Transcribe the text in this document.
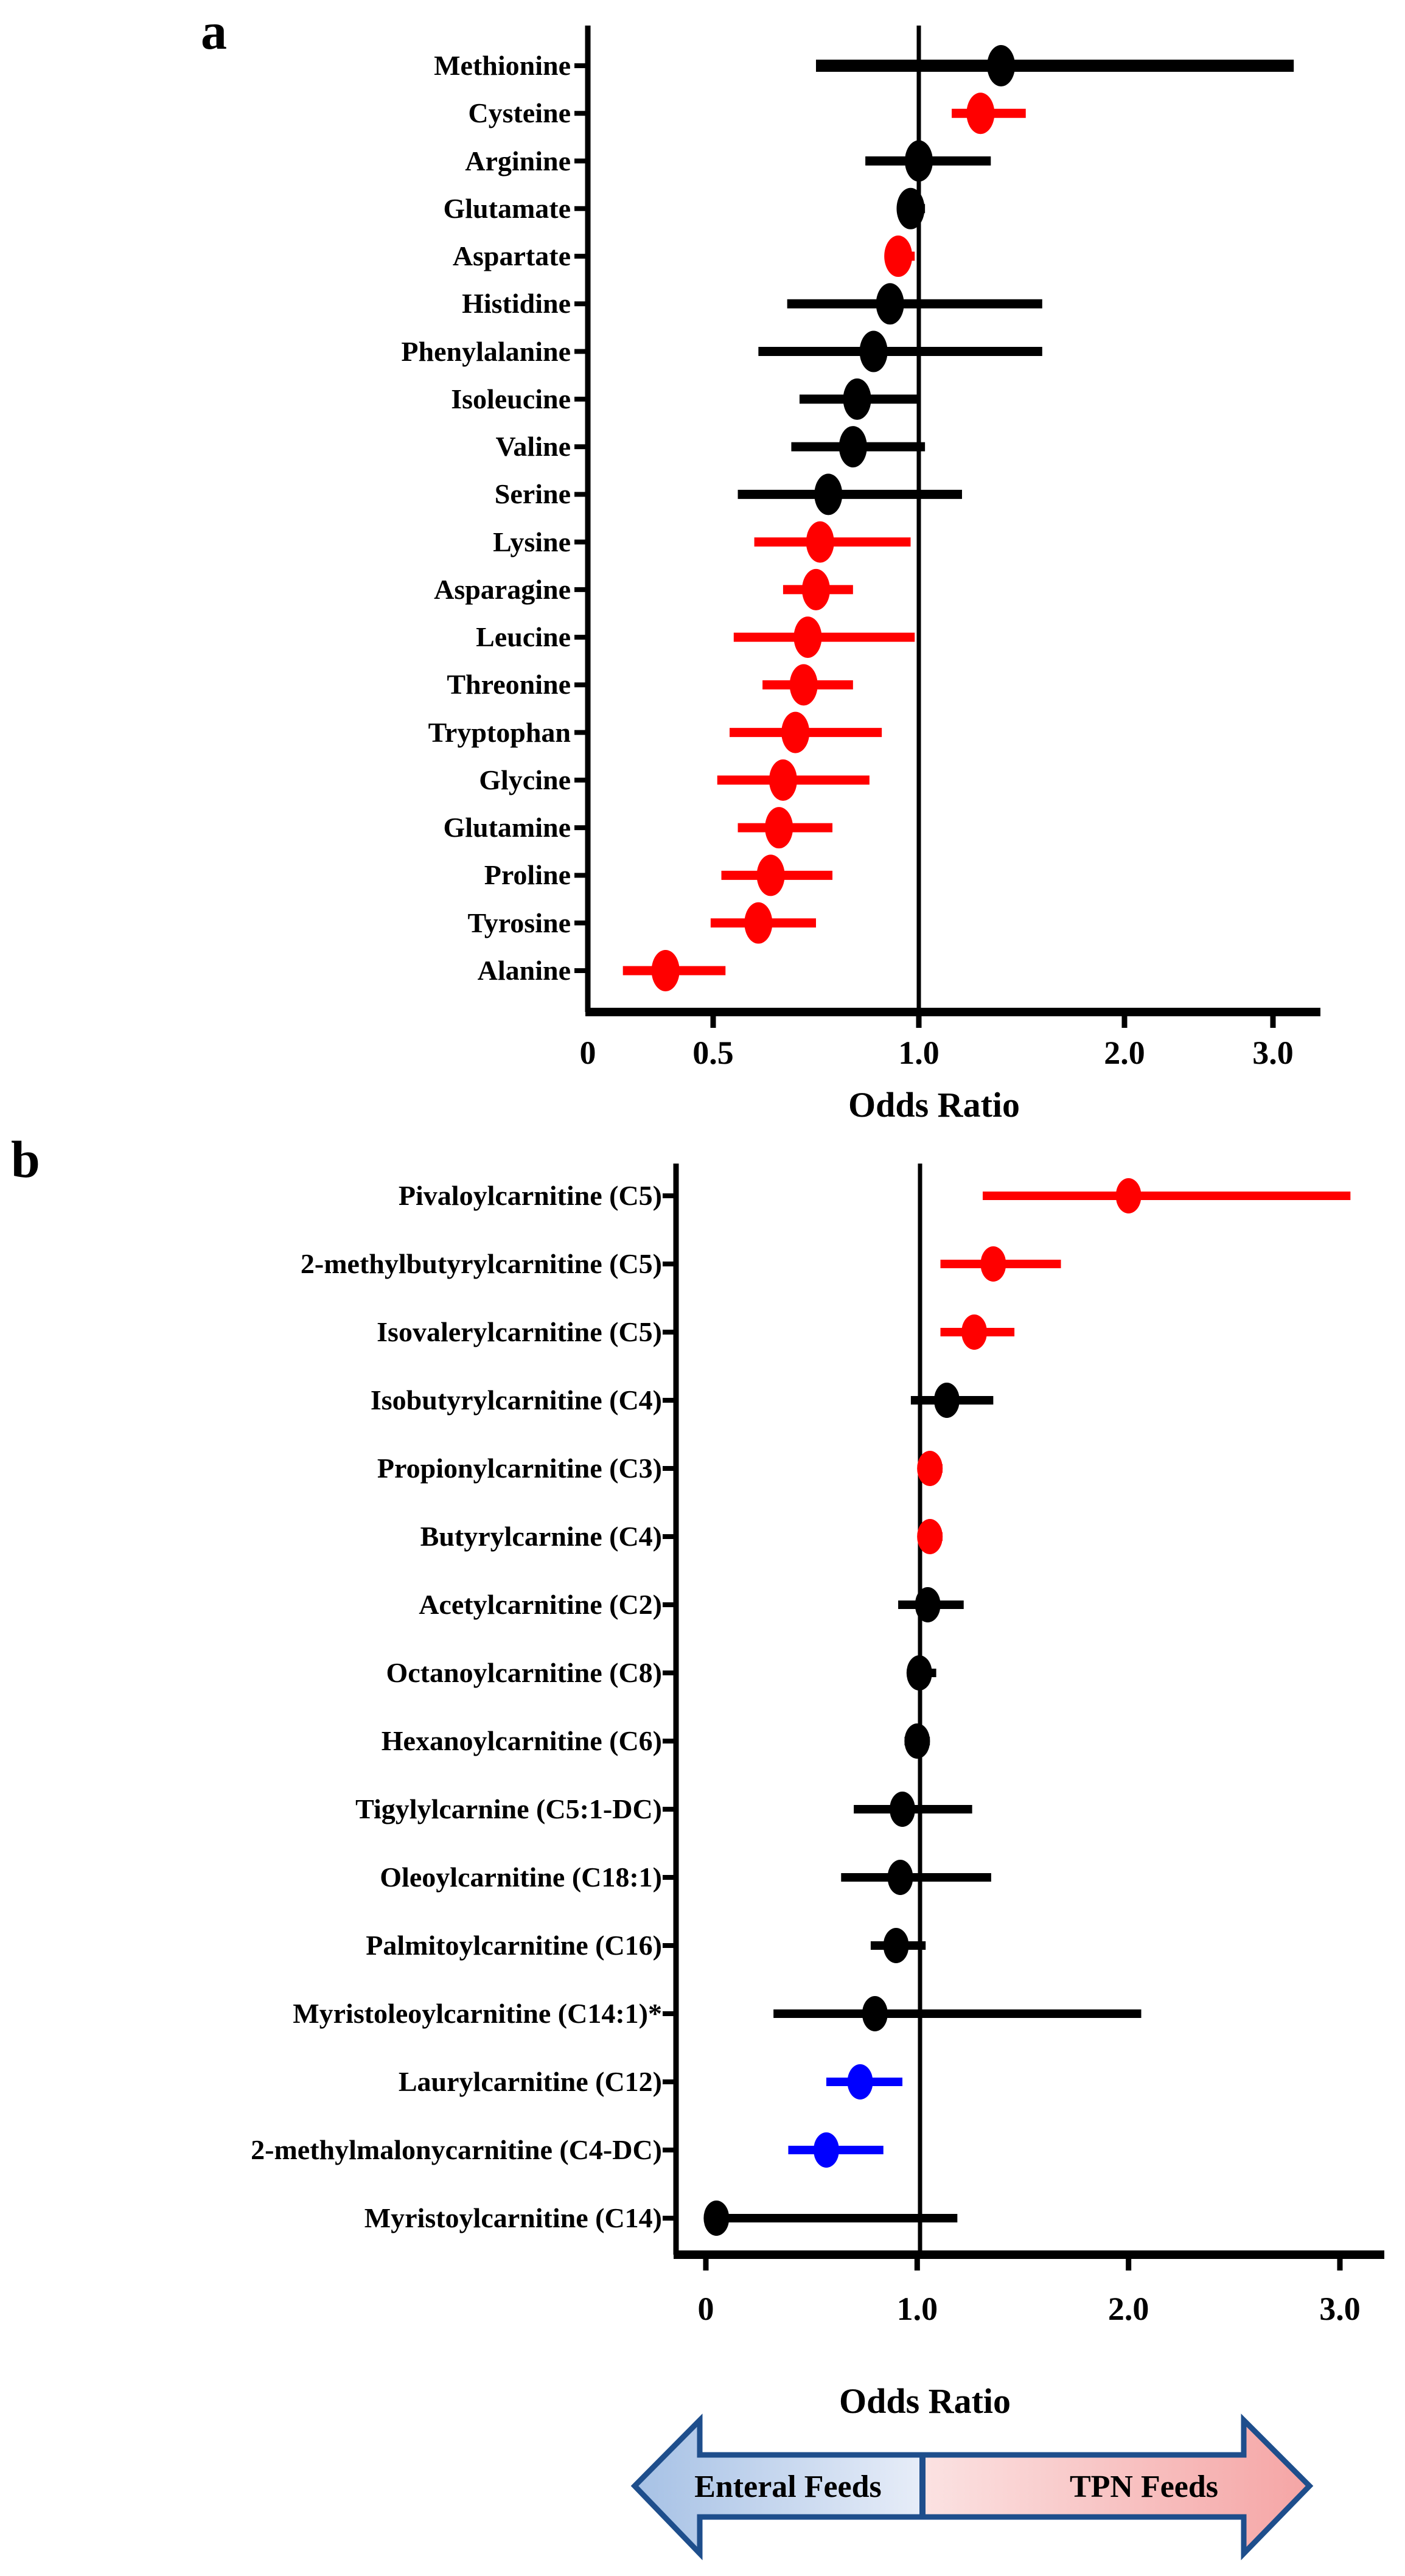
a
b
Methionine
Cysteine
Arginine
Glutamate
Aspartate
Histidine
Phenylalanine
Isoleucine
Valine
Serine
Lysine
Asparagine
Leucine
Threonine
Tryptophan
Glycine
Glutamine
Proline
Tyrosine
Alanine
Pivaloylcarnitine (C5)
2-methylbutyrylcarnitine (C5)
Isovalerylcarnitine (C5)
Isobutyrylcarnitine (C4)
Propionylcarnitine (C3)
Butyrylcarnine (C4)
Acetylcarnitine (C2)
Octanoylcarnitine (C8)
Hexanoylcarnitine (C6)
Tigylylcarnine (C5:1-DC)
Oleoylcarnitine (C18:1)
Palmitoylcarnitine (C16)
Myristoleoylcarnitine (C14:1)*
Laurylcarnitine (C12)
2-methylmalonycarnitine (C4-DC)
Myristoylcarnitine (C14)
0	0.5	1.0	2.0	3.0
0	1.0	2.0	3.0
Odds Ratio
Odds Ratio
Enteral Feeds	TPN Feeds
